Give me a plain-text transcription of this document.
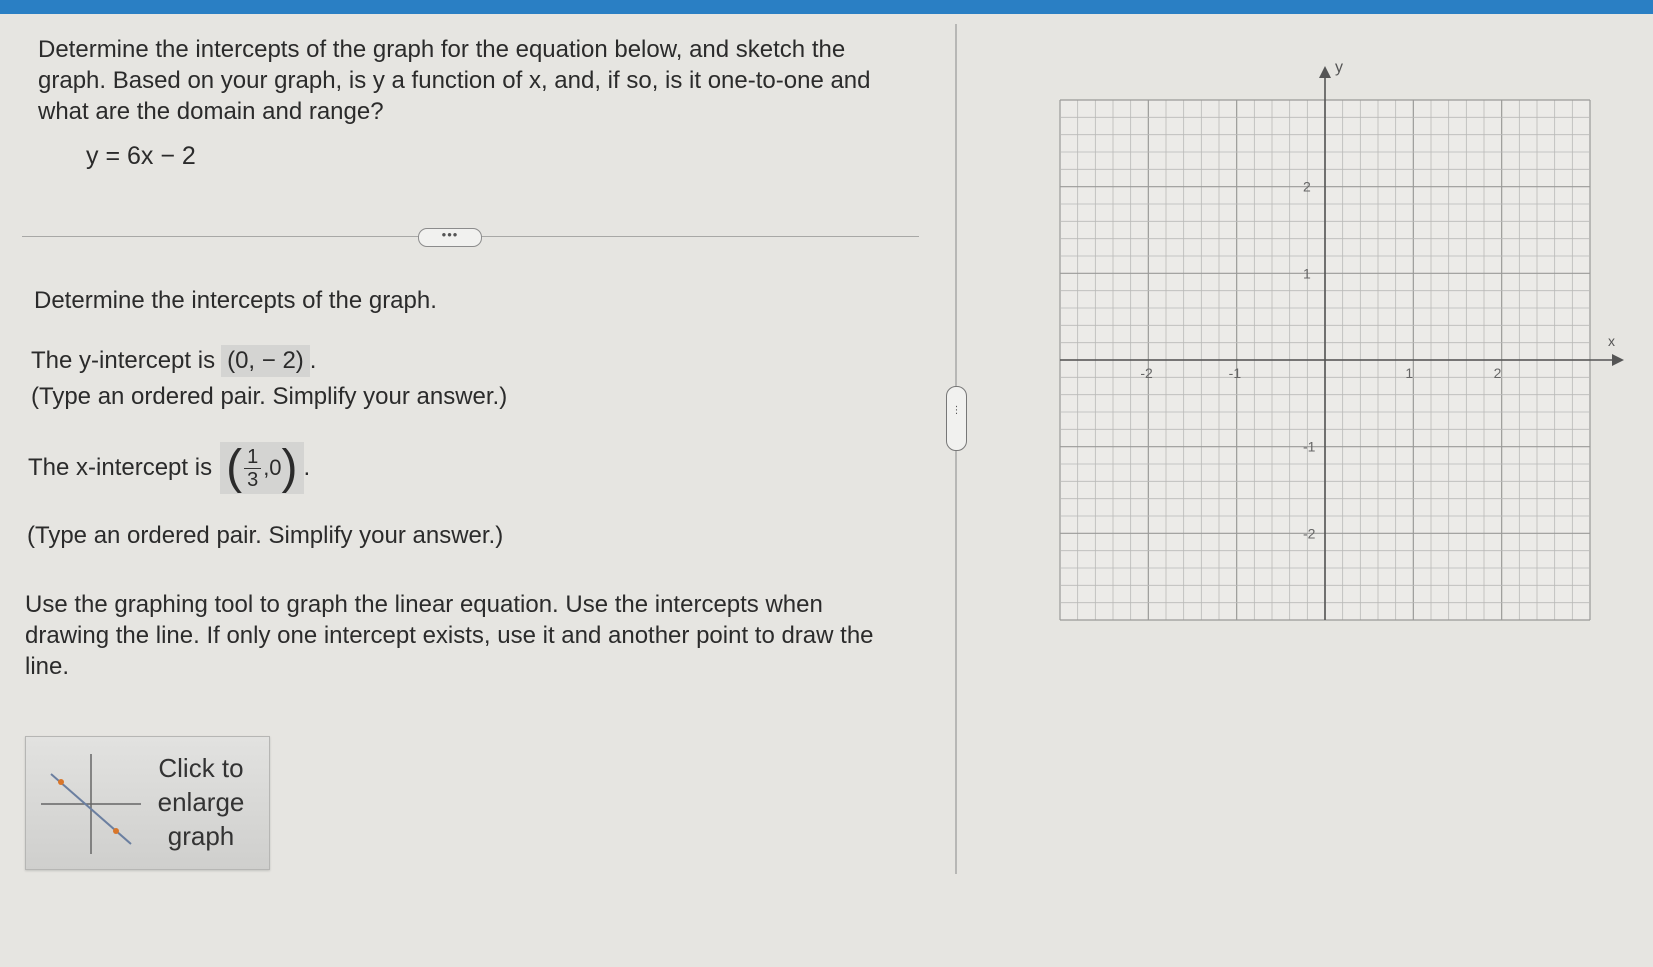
Determine the intercepts of the graph for the equation below, and sketch the graph. Based on your graph, is y a function of x, and, if so, is it one-to-one and what are the domain and range?
y = 6x − 2
•••
Determine the intercepts of the graph.
The y-intercept is (0, − 2) .
(Type an ordered pair. Simplify your answer.)
The x-intercept is ( $\frac{1}{3} ,0$) .
(Type an ordered pair. Simplify your answer.)
Use the graphing tool to graph the linear equation. Use the intercepts when drawing the line. If only one intercept exists, use it and another point to draw the line.
Click to enlarge graph
⋮
x
y
-2	-1	1	2
2
1
-1
-2
